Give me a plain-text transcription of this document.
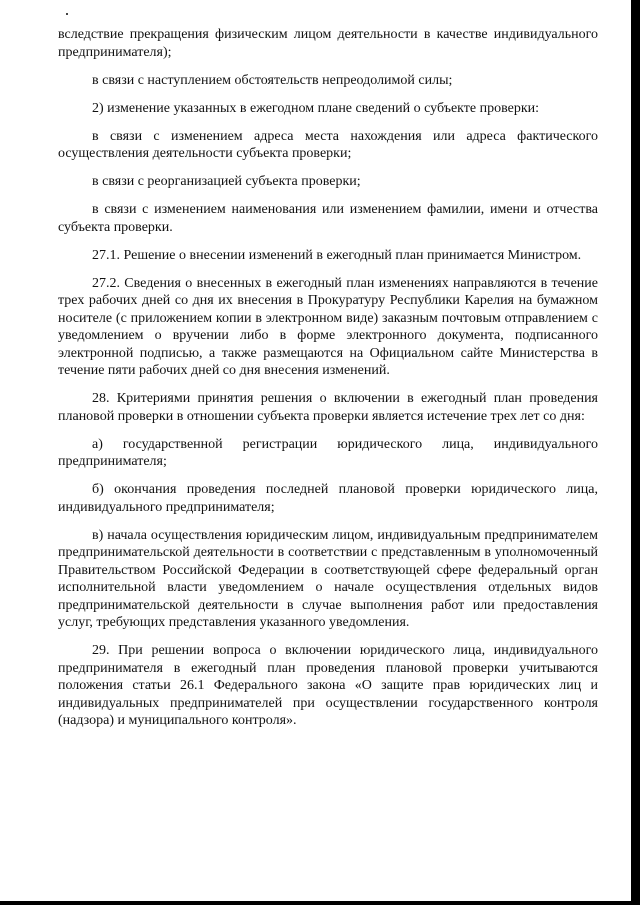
вследствие прекращения физическим лицом деятельности в качестве индивидуального предпринимателя);

в связи с наступлением обстоятельств непреодолимой силы;

2) изменение указанных в ежегодном плане сведений о субъекте проверки:

в связи с изменением адреса места нахождения или адреса фактического осуществления деятельности субъекта проверки;

в связи с реорганизацией субъекта проверки;

в связи с изменением наименования или изменением фамилии, имени и отчества субъекта проверки.

27.1. Решение о внесении изменений в ежегодный план принимается Министром.

27.2. Сведения о внесенных в ежегодный план изменениях направляются в течение трех рабочих дней со дня их внесения в Прокуратуру Республики Карелия на бумажном носителе (с приложением копии в электронном виде) заказным почтовым отправлением с уведомлением о вручении либо в форме электронного документа, подписанного электронной подписью, а также размещаются на Официальном сайте Министерства в течение пяти рабочих дней со дня внесения изменений.

28. Критериями принятия решения о включении в ежегодный план проведения плановой проверки в отношении субъекта проверки является истечение трех лет со дня:

а) государственной регистрации юридического лица, индивидуального предпринимателя;

б) окончания проведения последней плановой проверки юридического лица, индивидуального предпринимателя;

в) начала осуществления юридическим лицом, индивидуальным предпринимателем предпринимательской деятельности в соответствии с представленным в уполномоченный Правительством Российской Федерации в соответствующей сфере федеральный орган исполнительной власти уведомлением о начале осуществления отдельных видов предпринимательской деятельности в случае выполнения работ или предоставления услуг, требующих представления указанного уведомления.

29. При решении вопроса о включении юридического лица, индивидуального предпринимателя в ежегодный план проведения плановой проверки учитываются положения статьи 26.1 Федерального закона «О защите прав юридических лиц и индивидуальных предпринимателей при осуществлении государственного контроля (надзора) и муниципального контроля».
